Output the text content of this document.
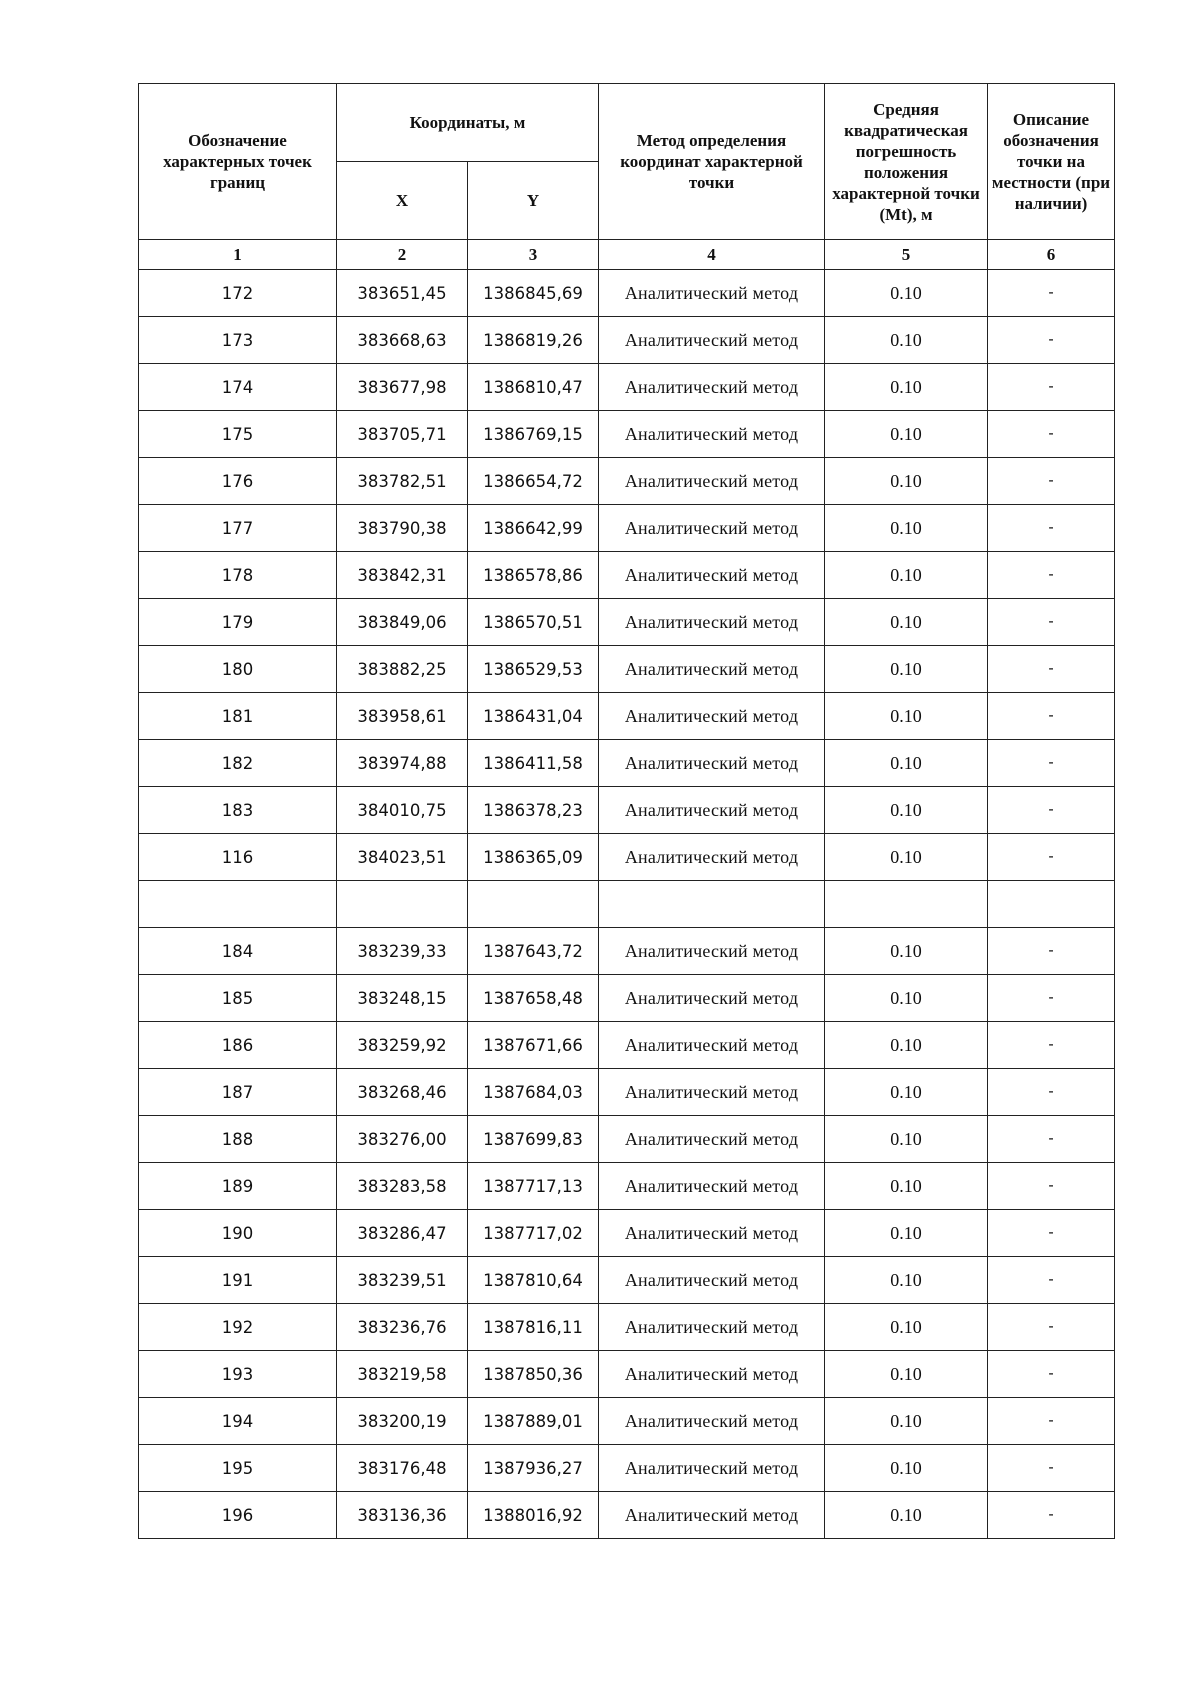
Обозначение характерных точек границ	Координаты, м		Метод определения координат характерной точки	Средняя квадратическая погрешность положения характерной точки (Mt), м	Описание обозначения точки на местности (при наличии)
	X	Y			
1	2	3	4	5	6
172	383651,45	1386845,69	Аналитический метод	0.10	-
173	383668,63	1386819,26	Аналитический метод	0.10	-
174	383677,98	1386810,47	Аналитический метод	0.10	-
175	383705,71	1386769,15	Аналитический метод	0.10	-
176	383782,51	1386654,72	Аналитический метод	0.10	-
177	383790,38	1386642,99	Аналитический метод	0.10	-
178	383842,31	1386578,86	Аналитический метод	0.10	-
179	383849,06	1386570,51	Аналитический метод	0.10	-
180	383882,25	1386529,53	Аналитический метод	0.10	-
181	383958,61	1386431,04	Аналитический метод	0.10	-
182	383974,88	1386411,58	Аналитический метод	0.10	-
183	384010,75	1386378,23	Аналитический метод	0.10	-
116	384023,51	1386365,09	Аналитический метод	0.10	-

184	383239,33	1387643,72	Аналитический метод	0.10	-
185	383248,15	1387658,48	Аналитический метод	0.10	-
186	383259,92	1387671,66	Аналитический метод	0.10	-
187	383268,46	1387684,03	Аналитический метод	0.10	-
188	383276,00	1387699,83	Аналитический метод	0.10	-
189	383283,58	1387717,13	Аналитический метод	0.10	-
190	383286,47	1387717,02	Аналитический метод	0.10	-
191	383239,51	1387810,64	Аналитический метод	0.10	-
192	383236,76	1387816,11	Аналитический метод	0.10	-
193	383219,58	1387850,36	Аналитический метод	0.10	-
194	383200,19	1387889,01	Аналитический метод	0.10	-
195	383176,48	1387936,27	Аналитический метод	0.10	-
196	383136,36	1388016,92	Аналитический метод	0.10	-
